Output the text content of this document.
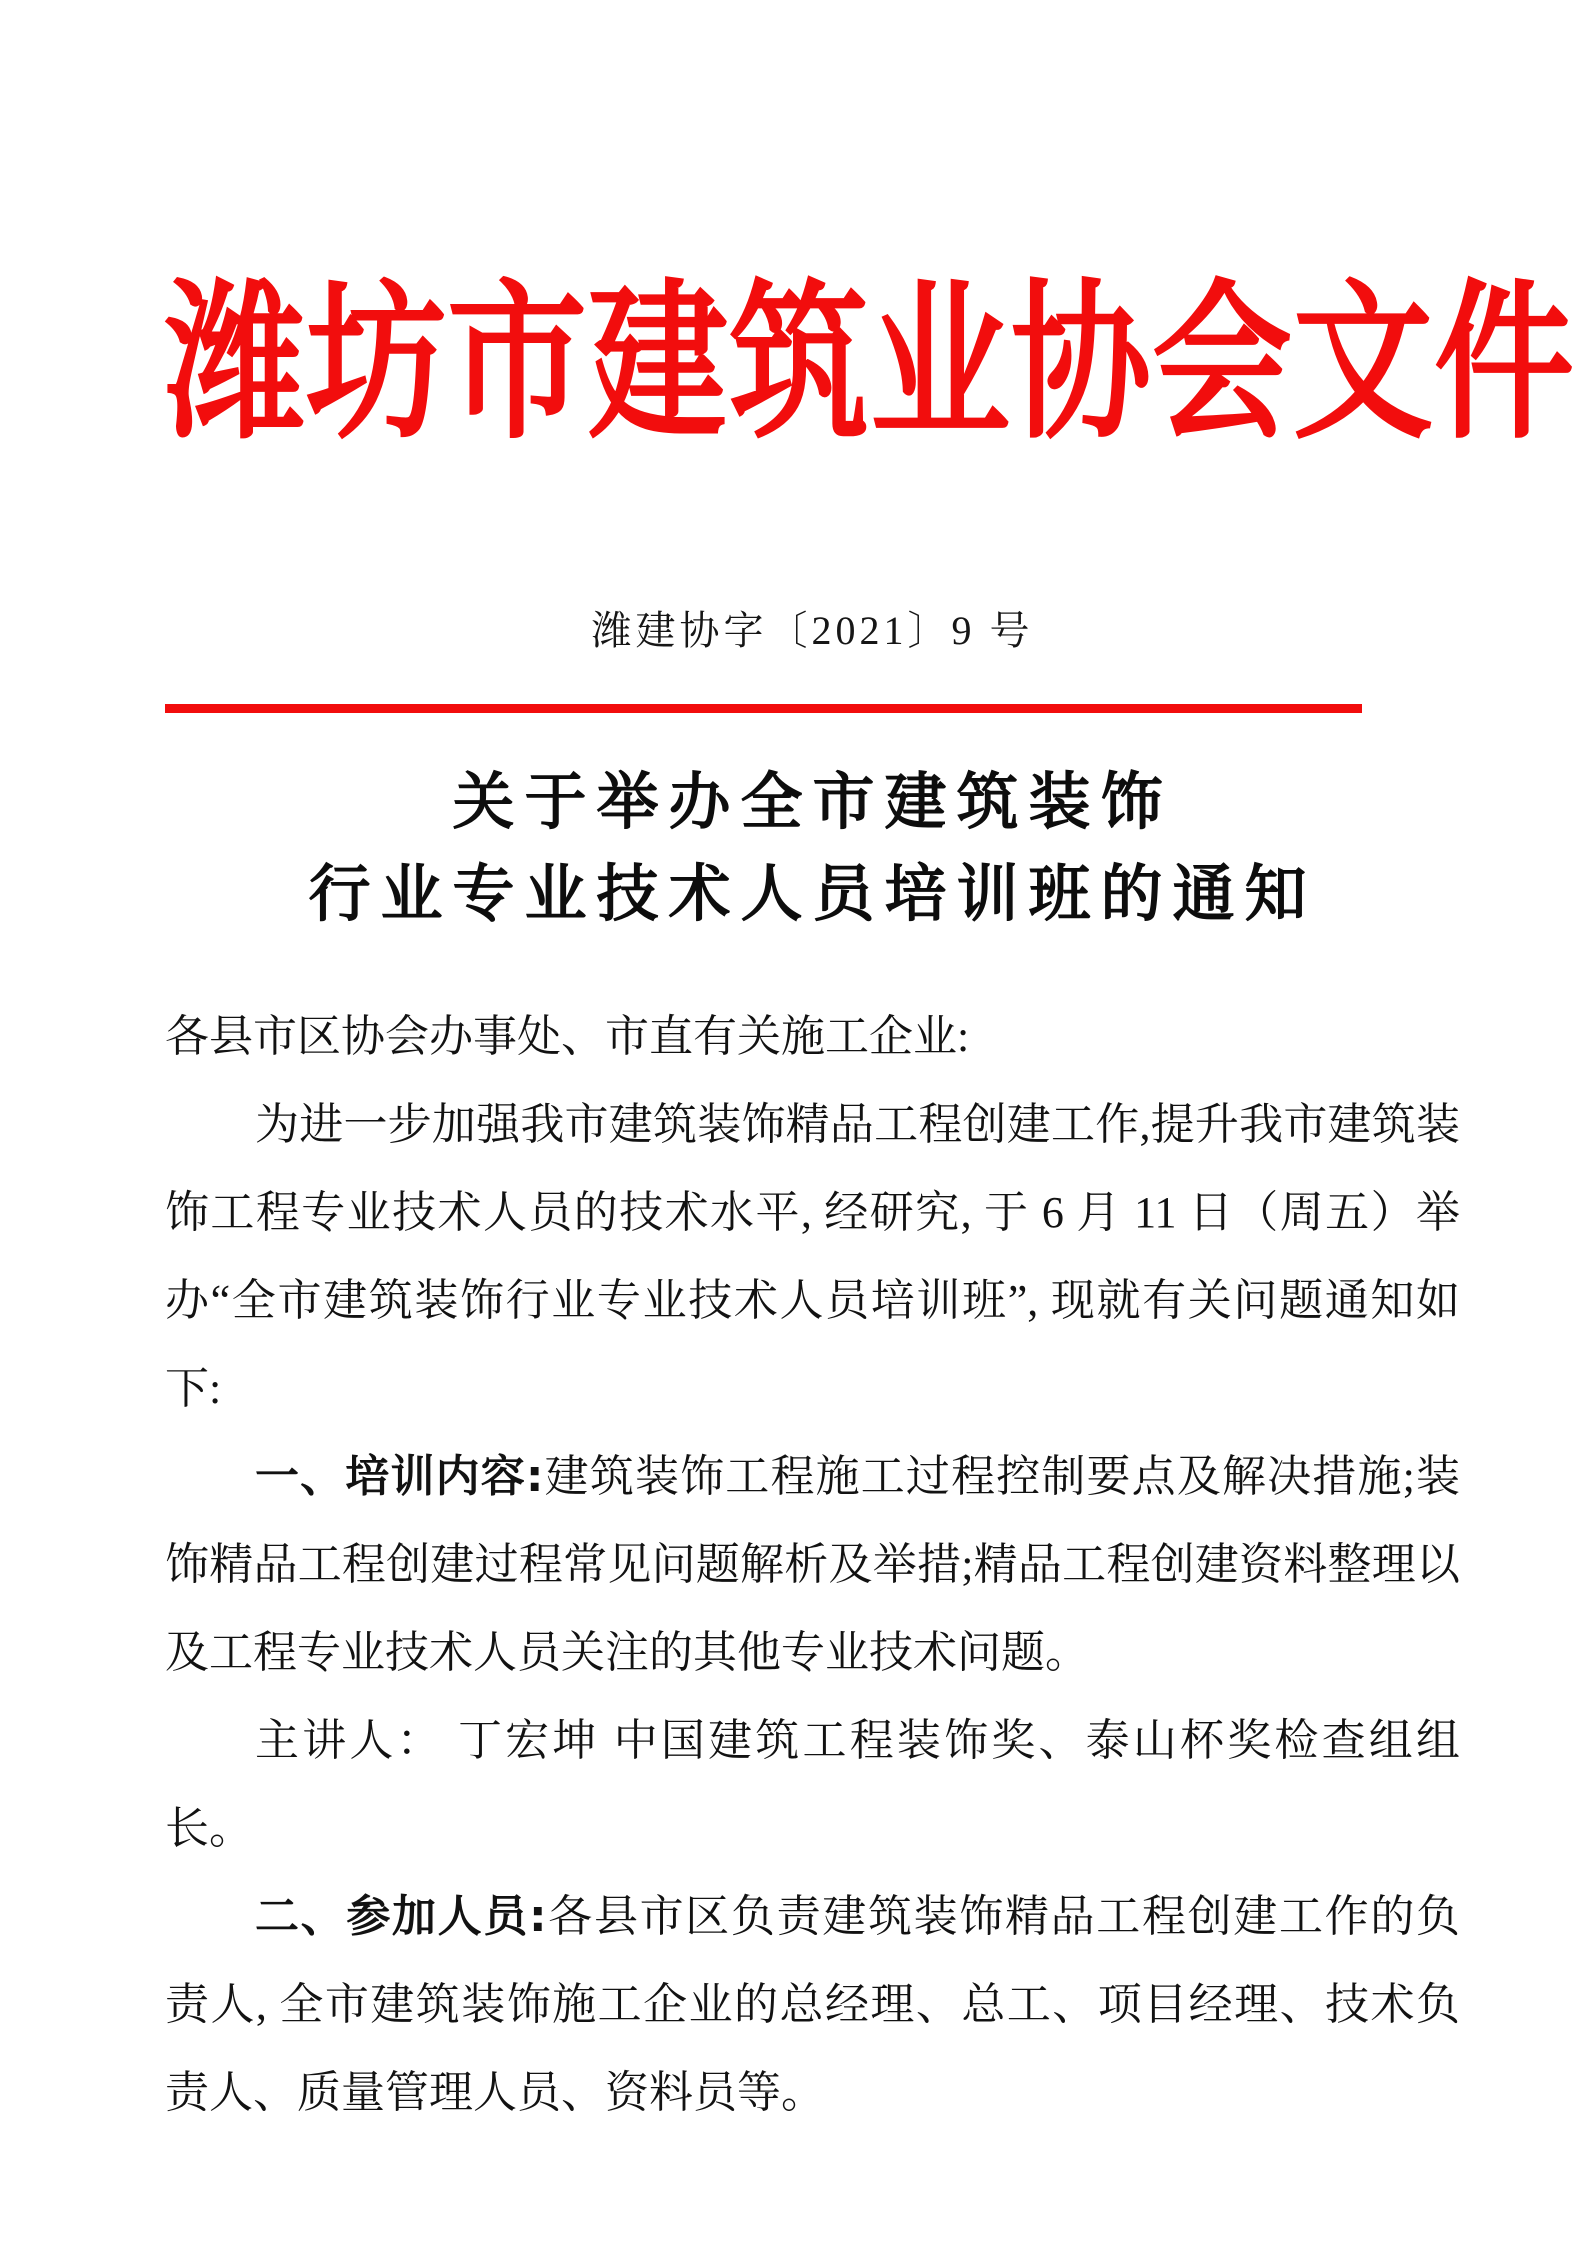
潍坊市建筑业协会文件
潍建协字〔2021〕9 号
关于举办全市建筑装饰
行业专业技术人员培训班的通知

各县市区协会办事处、市直有关施工企业:

为进一步加强我市建筑装饰精品工程创建工作,提升我市建筑装饰工程专业技术人员的技术水平, 经研究, 于 6 月 11 日（周五）举办“全市建筑装饰行业专业技术人员培训班”, 现就有关问题通知如下:

一、培训内容:建筑装饰工程施工过程控制要点及解决措施;装饰精品工程创建过程常见问题解析及举措;精品工程创建资料整理以及工程专业技术人员关注的其他专业技术问题。

主讲人： 丁宏坤 中国建筑工程装饰奖、泰山杯奖检查组组长。

二、参加人员:各县市区负责建筑装饰精品工程创建工作的负责人, 全市建筑装饰施工企业的总经理、总工、项目经理、技术负责人、质量管理人员、资料员等。
